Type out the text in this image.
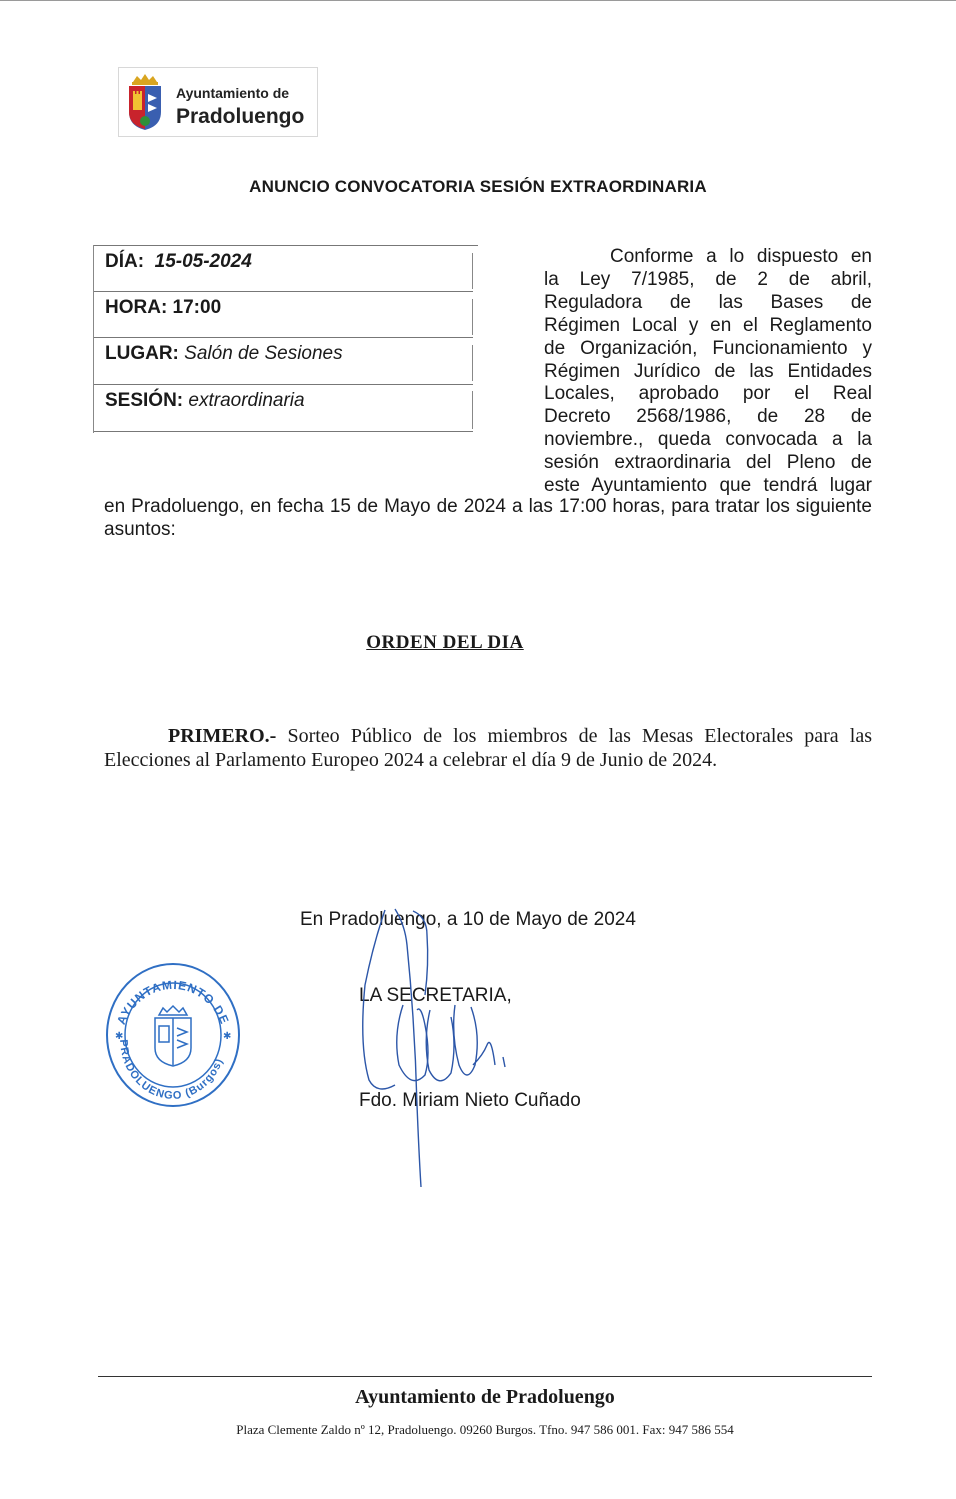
Ayuntamiento de
Pradoluengo
ANUNCIO CONVOCATORIA SESIÓN EXTRAORDINARIA
DÍA: 15-05-2024
HORA: 17:00
LUGAR: Salón de Sesiones
SESIÓN: extraordinaria
Conforme a lo dispuesto en
la Ley 7/1985, de 2 de abril,
Reguladora de las Bases de
Régimen Local y en el Reglamento
de Organización, Funcionamiento y
Régimen Jurídico de las Entidades
Locales, aprobado por el Real
Decreto 2568/1986, de 28 de
noviembre., queda convocada a la
sesión extraordinaria del Pleno de
este Ayuntamiento que tendrá lugar
en Pradoluengo, en fecha 15 de Mayo de 2024 a las 17:00 horas, para tratar los siguiente asuntos:
ORDEN DEL DIA
PRIMERO.- Sorteo Público de los miembros de las Mesas Electorales para las Elecciones al Parlamento Europeo 2024 a celebrar el día 9 de Junio de 2024.
En Pradoluengo, a 10 de Mayo de 2024
LA SECRETARIA,
Fdo. Miriam Nieto Cuñado
AYUNTAMIENTO DE
PRADOLUENGO (Burgos)
✱	✱
Ayuntamiento de Pradoluengo
Plaza Clemente Zaldo nº 12, Pradoluengo. 09260 Burgos. Tfno. 947 586 001. Fax: 947 586 554
